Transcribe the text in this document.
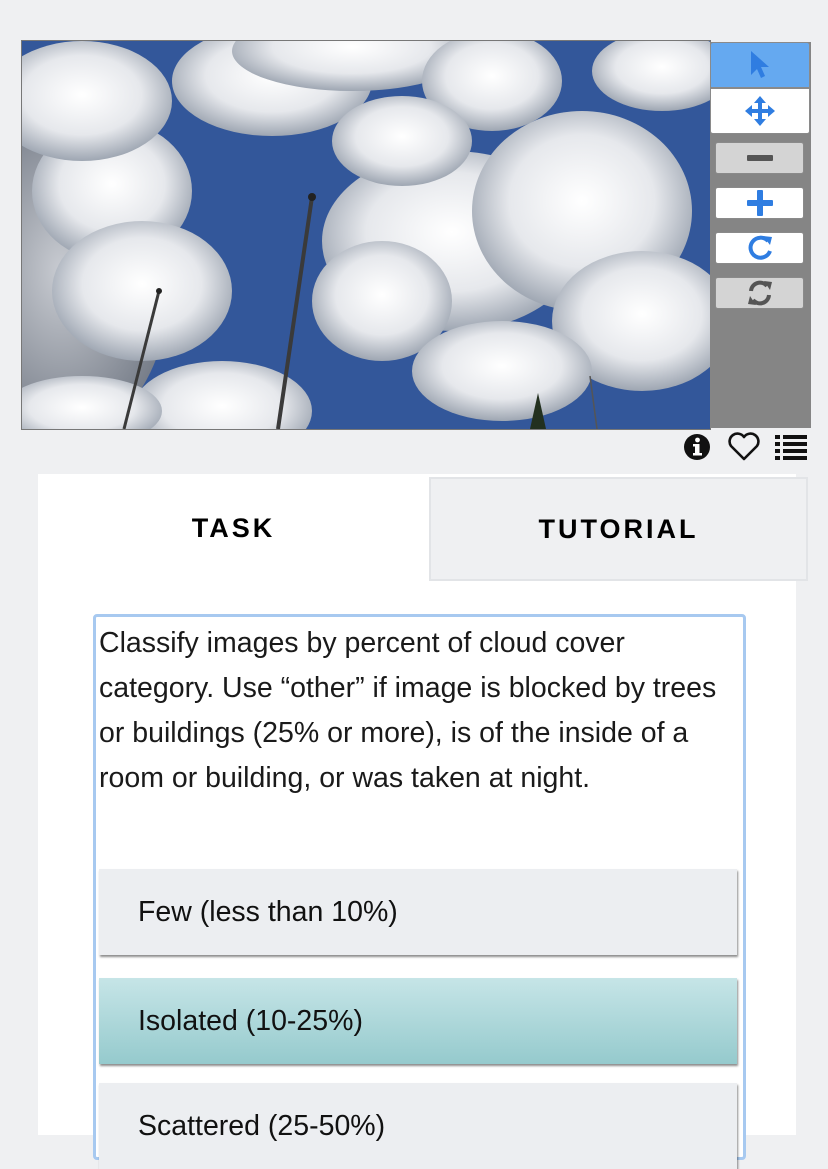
TASK	TUTORIAL
Classify images by percent of cloud cover category. Use “other” if image is blocked by trees or buildings (25% or more), is of the inside of a room or building, or was taken at night.
Few (less than 10%)
Isolated (10-25%)
Scattered (25-50%)
